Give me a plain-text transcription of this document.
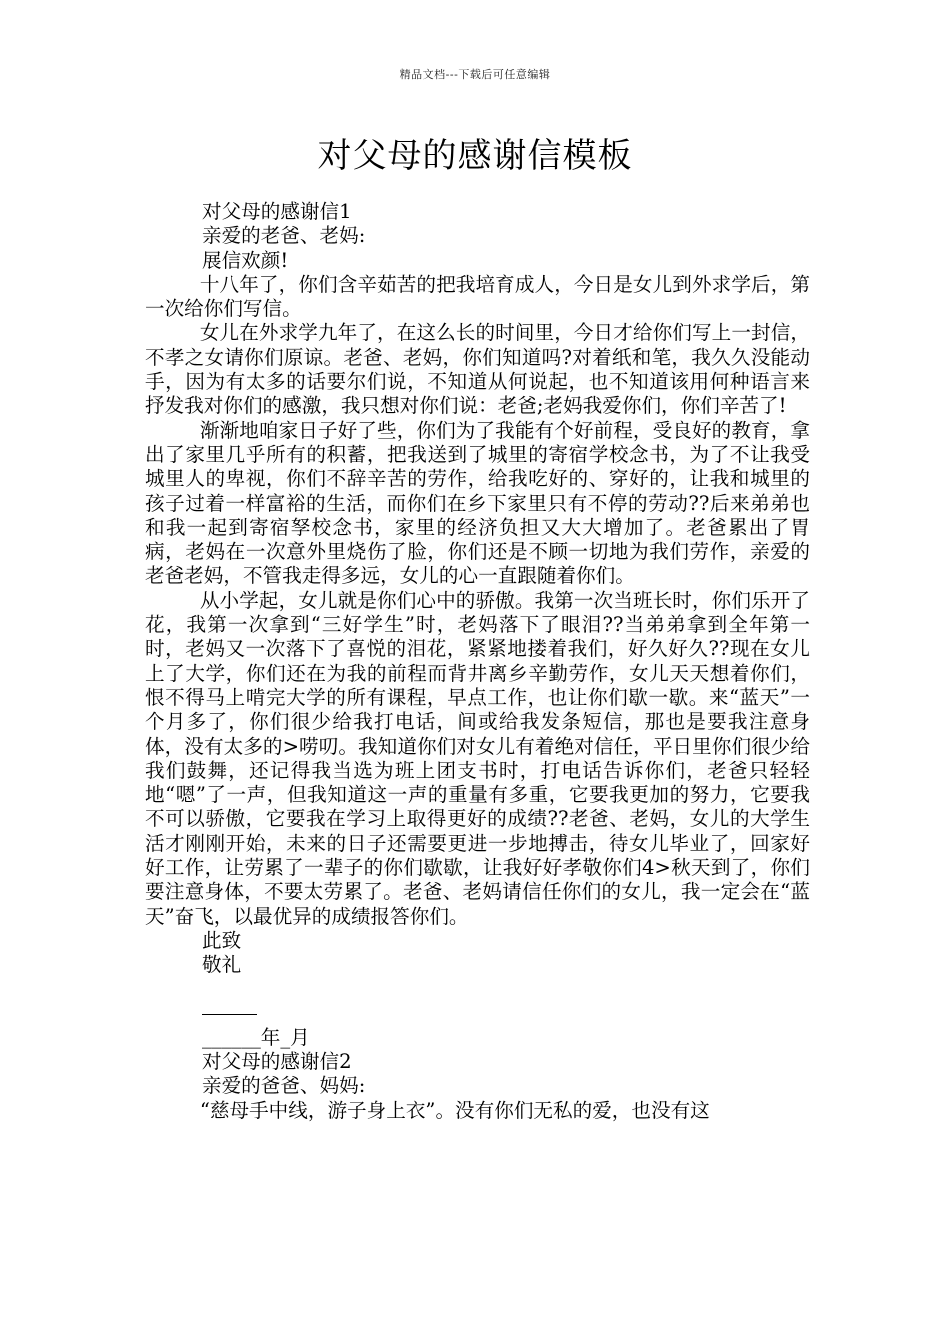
精品文档---下载后可任意编辑
对父母的感谢信模板

对父母的感谢信1

亲爱的老爸、老妈:

展信欢颜!

十八年了，你们含辛茹苦的把我培育成人，今日是女儿到外求学后，第一次给你们写信。

女儿在外求学九年了，在这么长的时间里，今日才给你们写上一封信，不孝之女请你们原谅。老爸、老妈，你们知道吗?对着纸和笔，我久久没能动手，因为有太多的话要尔们说，不知道从何说起，也不知道该用何种语言来抒发我对你们的感激，我只想对你们说：老爸;老妈我爱你们，你们辛苦了!

渐渐地咱家日子好了些，你们为了我能有个好前程，受良好的教育，拿出了家里几乎所有的积蓄，把我送到了城里的寄宿学校念书，为了不让我受城里人的卑视，你们不辞辛苦的劳作，给我吃好的、穿好的，让我和城里的孩子过着一样富裕的生活，而你们在乡下家里只有不停的劳动??后来弟弟也和我一起到寄宿孥校念书，家里的经济负担又大大增加了。老爸累出了胃病，老妈在一次意外里烧伤了脸，你们还是不顾一切地为我们劳作，亲爱的老爸老妈，不管我走得多远，女儿的心一直跟随着你们。

从小学起，女儿就是你们心中的骄傲。我第一次当班长时，你们乐开了花，我第一次拿到“三好学生”时，老妈落下了眼泪??当弟弟拿到全年第一时，老妈又一次落下了喜悦的泪花，紧紧地搂着我们，好久好久??现在女儿上了大学，你们还在为我的前程而背井离乡辛勤劳作，女儿天天想着你们，恨不得马上啃完大学的所有课程，早点工作，也让你们歇一歇。来“蓝天”一个月多了，你们很少给我打电话，间或给我发条短信，那也是要我注意身体，没有太多的>唠叨。我知道你们对女儿有着绝对信任，平日里你们很少给我们鼓舞，还记得我当选为班上团支书时，打电话告诉你们，老爸只轻轻地“嗯”了一声，但我知道这一声的重量有多重，它要我更加的努力，它要我不可以骄傲，它要我在学习上取得更好的成绩??老爸、老妈，女儿的大学生活才刚刚开始，未来的日子还需要更进一步地搏击，待女儿毕业了，回家好好工作，让劳累了一辈子的你们歇歇，让我好好孝敬你们4>秋天到了，你们要注意身体，不要太劳累了。老爸、老妈请信任你们的女儿，我一定会在“蓝天”奋飞，以最优异的成绩报答你们。

此致

敬礼

______年_月

对父母的感谢信2

亲爱的爸爸、妈妈:

“慈母手中线，游子身上衣”。没有你们无私的爱，也没有这
